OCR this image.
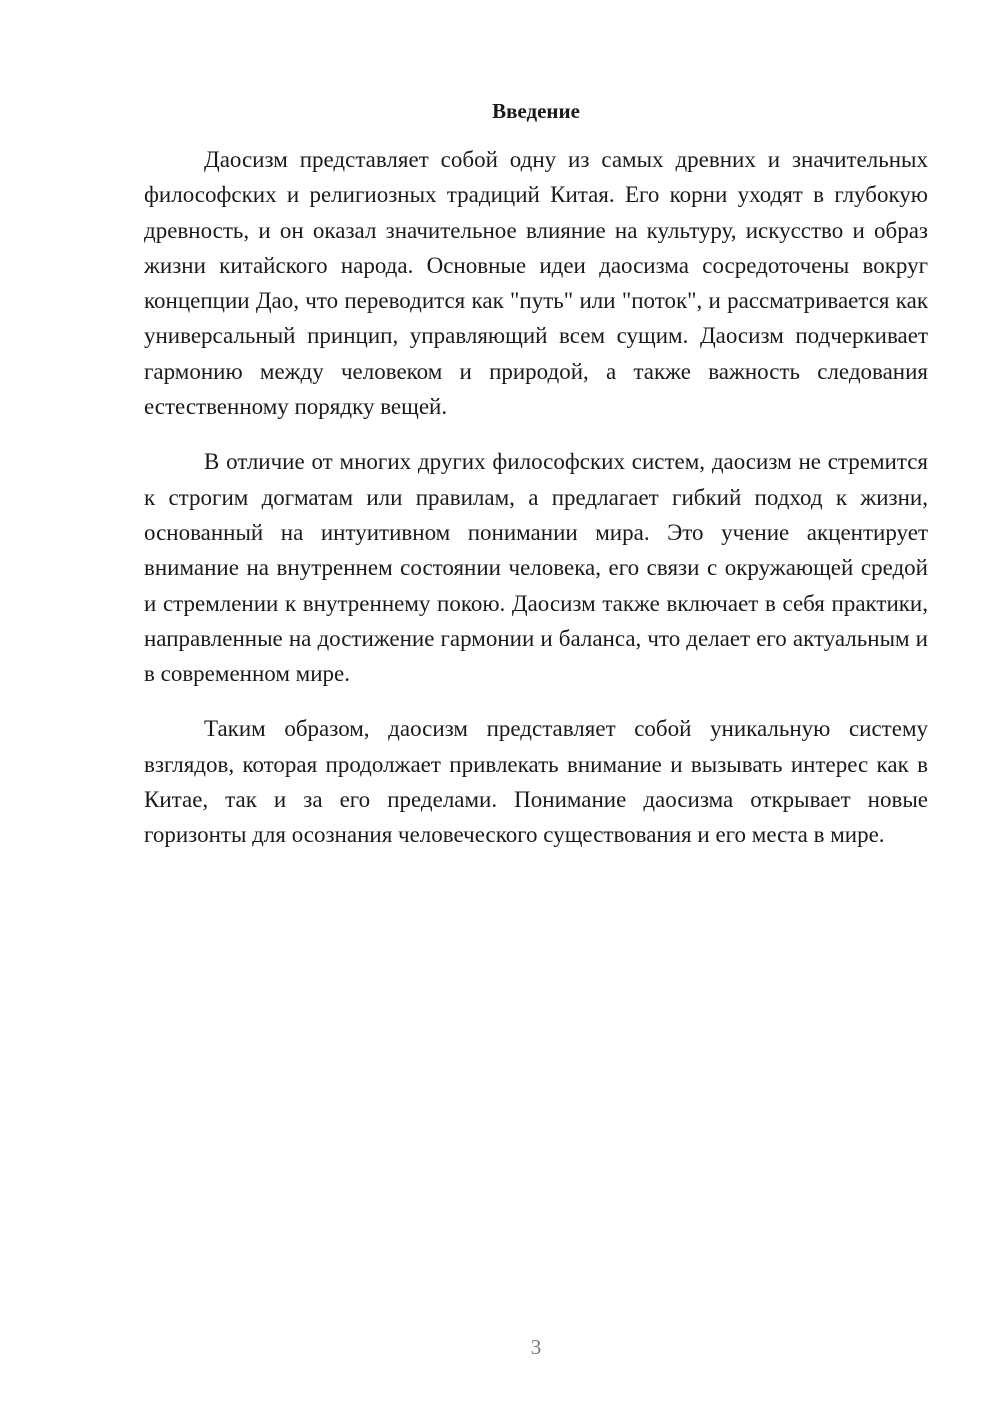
Введение

Даосизм представляет собой одну из самых древних и значительных философских и религиозных традиций Китая. Его корни уходят в глубокую древность, и он оказал значительное влияние на культуру, искусство и образ жизни китайского народа. Основные идеи даосизма сосредоточены вокруг концепции Дао, что переводится как "путь" или "поток", и рассматривается как универсальный принцип, управляющий всем сущим. Даосизм подчеркивает гармонию между человеком и природой, а также важность следования естественному порядку вещей.

В отличие от многих других философских систем, даосизм не стремится к строгим догматам или правилам, а предлагает гибкий подход к жизни, основанный на интуитивном понимании мира. Это учение акцентирует внимание на внутреннем состоянии человека, его связи с окружающей средой и стремлении к внутреннему покою. Даосизм также включает в себя практики, направленные на достижение гармонии и баланса, что делает его актуальным и в современном мире.

Таким образом, даосизм представляет собой уникальную систему взглядов, которая продолжает привлекать внимание и вызывать интерес как в Китае, так и за его пределами. Понимание даосизма открывает новые горизонты для осознания человеческого существования и его места в мире.

3
